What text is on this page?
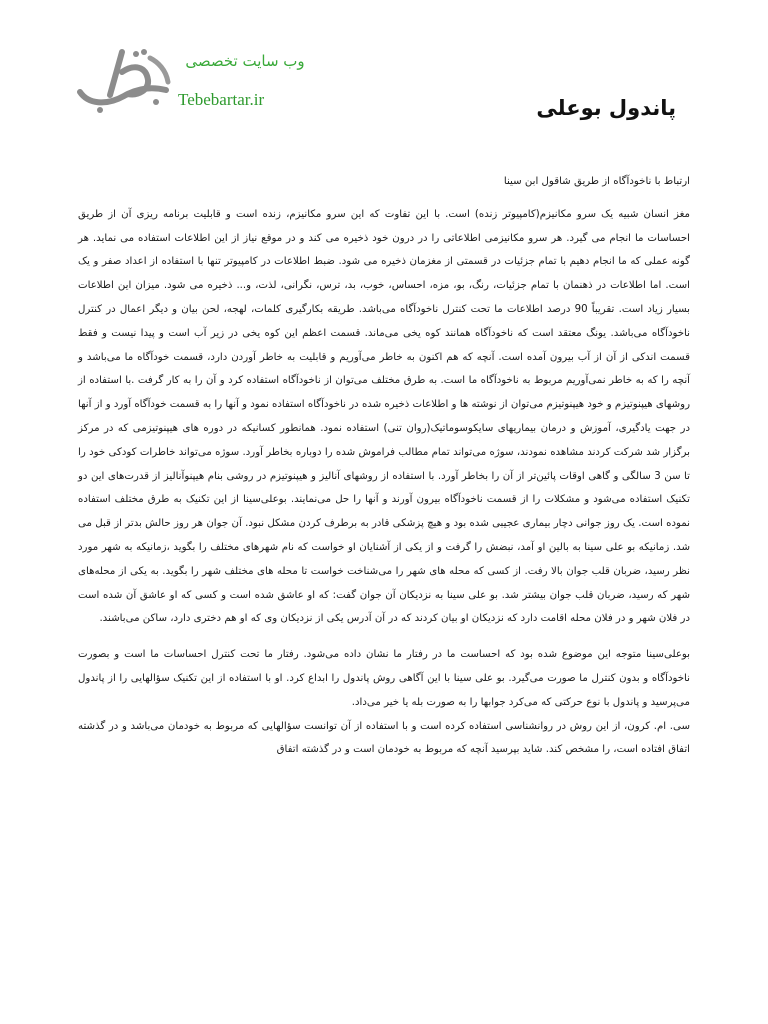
وب سایت تخصصی
Tebebartar.ir	پاندول بوعلی

ارتباط با ناخودآگاه از طریق شاقول ابن سینا

مغز انسان شبیه یک سرو مکانیزم(کامپیوتر زنده) است. با این تفاوت که این سرو مکانیزم، زنده است و قابلیت برنامه ریزی آن از طریق احساسات ما انجام می گیرد. هر سرو مکانیزمی اطلاعاتی را در درون خود ذخیره می کند و در موقع نیاز از این اطلاعات استفاده می نماید. هر گونه عملی که ما انجام دهیم با تمام جزئیات در قسمتی از مغزمان ذخیره می شود. ضبط اطلاعات در کامپیوتر تنها با استفاده از اعداد صفر و یک است. اما اطلاعات در ذهنمان با تمام جزئیات، رنگ، بو، مزه، احساس، خوب، بد، ترس، نگرانی، لذت، و... ذخیره می شود. میزان این اطلاعات بسیار زیاد است. تقریباً 90 درصد اطلاعات ما تحت کنترل ناخودآگاه می‌باشد. طریقه بکارگیری کلمات، لهجه، لحن بیان و دیگر اعمال در کنترل ناخودآگاه می‌باشد. یونگ معتقد است که ناخودآگاه همانند کوه یخی می‌ماند. قسمت اعظم این کوه یخی در زیر آب است و پیدا نیست و فقط قسمت اندکی از آن از آب بیرون آمده است. آنچه که هم اکنون به خاطر می‌آوریم و قابلیت به خاطر آوردن دارد، قسمت خودآگاه ما می‌باشد و آنچه را که به خاطر نمی‌آوریم مربوط به ناخودآگاه ما است. به طرق مختلف می‌توان از ناخودآگاه استفاده کرد و آن را به کار گرفت .با استفاده از روشهای هیپنوتیزم و خود هیپنوتیزم می‌توان از نوشته ها و اطلاعات ذخیره شده در ناخودآگاه استفاده نمود و آنها را به قسمت خودآگاه آورد و از آنها در جهت یادگیری، آموزش و درمان بیماریهای سایکوسوماتیک(روان تنی) استفاده نمود. همانطور کسانیکه در دوره های هیپنوتیزمی که در مرکز برگزار شد شرکت کردند مشاهده نمودند، سوژه می‌تواند تمام مطالب فراموش شده را دوباره بخاطر آورد. سوژه می‌تواند خاطرات کودکی خود را تا سن 3 سالگی و گاهی اوقات پائین‌تر از آن را بخاطر آورد. با استفاده از روشهای آنالیز و هیپنوتیزم در روشی بنام هیپنوآنالیز از قدرت‌های این دو تکنیک استفاده می‌شود و مشکلات را از قسمت ناخودآگاه بیرون آورند و آنها را حل می‌نمایند. بوعلی‌سینا از این تکنیک به طرق مختلف استفاده نموده است. یک روز جوانی دچار بیماری عجیبی شده بود و هیچ پزشکی قادر به برطرف کردن مشکل نبود. آن جوان هر روز حالش بدتر از قبل می شد. زمانیکه بو علی سینا به بالین او آمد، نبضش را گرفت و از یکی از آشنایان او خواست که نام شهرهای مختلف را بگوید ،زمانیکه به شهر مورد نظر رسید، ضربان قلب جوان بالا رفت. از کسی که محله های شهر را می‌شناخت خواست تا محله های مختلف شهر را بگوید. به یکی از محله‌های شهر که رسید، ضربان قلب جوان بیشتر شد. بو علی سینا به نزدیکان آن جوان گفت: که او عاشق شده است و کسی که او عاشق آن شده است در فلان شهر و در فلان محله اقامت دارد که نزدیکان او بیان کردند که در آن آدرس یکی از نزدیکان وی که او هم دختری دارد، ساکن می‌باشند.

بوعلی‌سینا متوجه این موضوع شده بود که احساست ما در رفتار ما نشان داده می‌شود. رفتار ما تحت کنترل احساسات ما است و بصورت ناخودآگاه و بدون کنترل ما صورت می‌گیرد. بو علی سینا با این آگاهی روش پاندول را ابداع کرد. او با استفاده از این تکنیک سؤالهایی را از پاندول می‌پرسید و پاندول با نوع حرکتی که می‌کرد جوابها را به صورت بله یا خیر می‌داد.

سی. ام. کرون، از این روش در روانشناسی استفاده کرده است و با استفاده از آن توانست سؤالهایی که مربوط به خودمان می‌باشد و در گذشته اتفاق افتاده است، را مشخص کند. شاید بپرسید آنچه که مربوط به خودمان است و در گذشته اتفاق
